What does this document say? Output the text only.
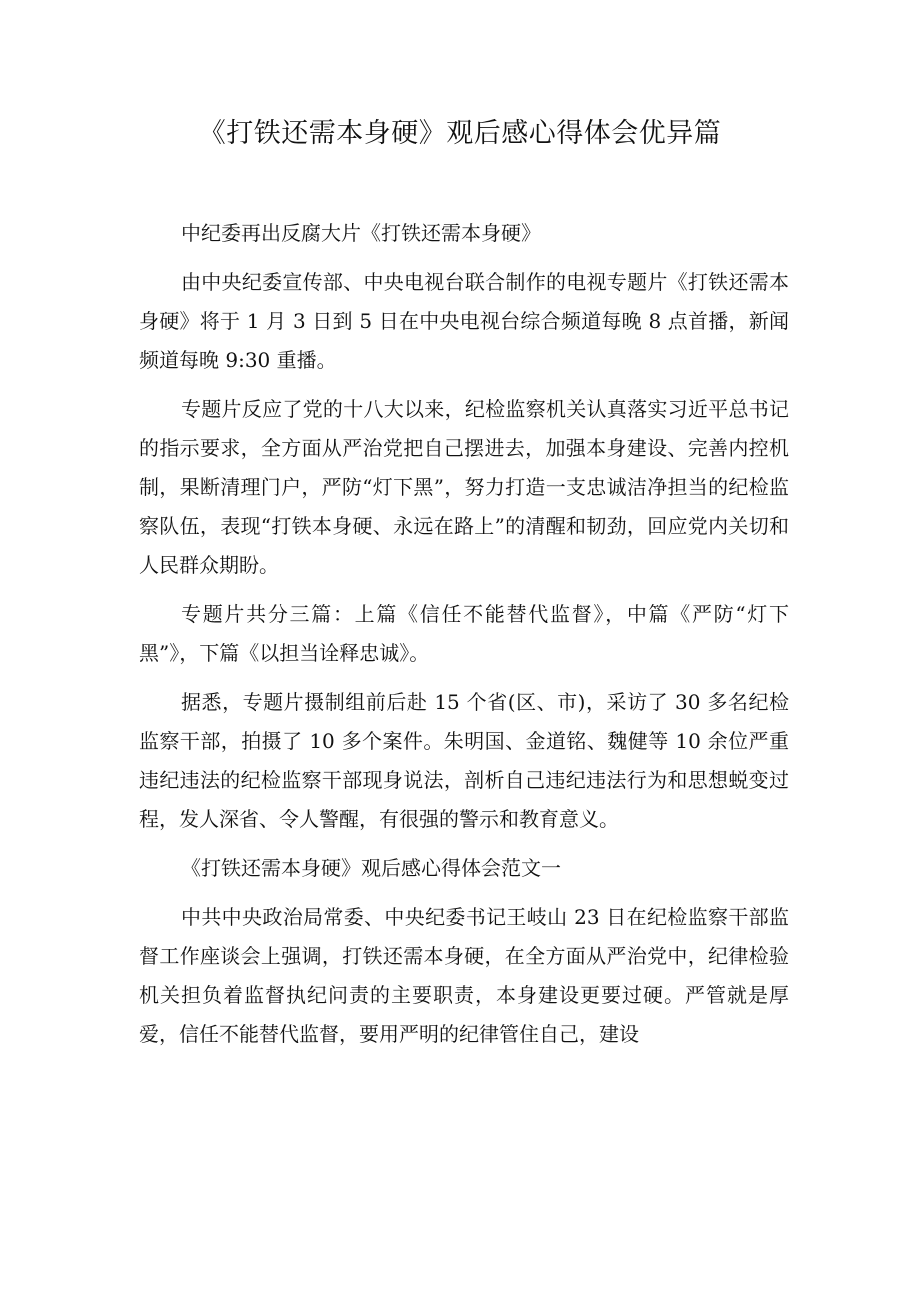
《打铁还需本身硬》观后感心得体会优异篇

中纪委再出反腐大片《打铁还需本身硬》

由中央纪委宣传部、中央电视台联合制作的电视专题片《打铁还需本身硬》将于 1 月 3 日到 5 日在中央电视台综合频道每晚 8 点首播，新闻频道每晚 9:30 重播。

专题片反应了党的十八大以来，纪检监察机关认真落实习近平总书记的指示要求，全方面从严治党把自己摆进去，加强本身建设、完善内控机制，果断清理门户，严防“灯下黑”，努力打造一支忠诚洁净担当的纪检监察队伍，表现“打铁本身硬、永远在路上”的清醒和韧劲，回应党内关切和人民群众期盼。

专题片共分三篇：上篇《信任不能替代监督》，中篇《严防“灯下黑”》，下篇《以担当诠释忠诚》。

据悉，专题片摄制组前后赴 15 个省(区、市)，采访了 30 多名纪检监察干部，拍摄了 10 多个案件。朱明国、金道铭、魏健等 10 余位严重违纪违法的纪检监察干部现身说法，剖析自己违纪违法行为和思想蜕变过程，发人深省、令人警醒，有很强的警示和教育意义。

《打铁还需本身硬》观后感心得体会范文一

中共中央政治局常委、中央纪委书记王岐山 23 日在纪检监察干部监督工作座谈会上强调，打铁还需本身硬，在全方面从严治党中，纪律检验机关担负着监督执纪问责的主要职责，本身建设更要过硬。严管就是厚爱，信任不能替代监督，要用严明的纪律管住自己，建设
